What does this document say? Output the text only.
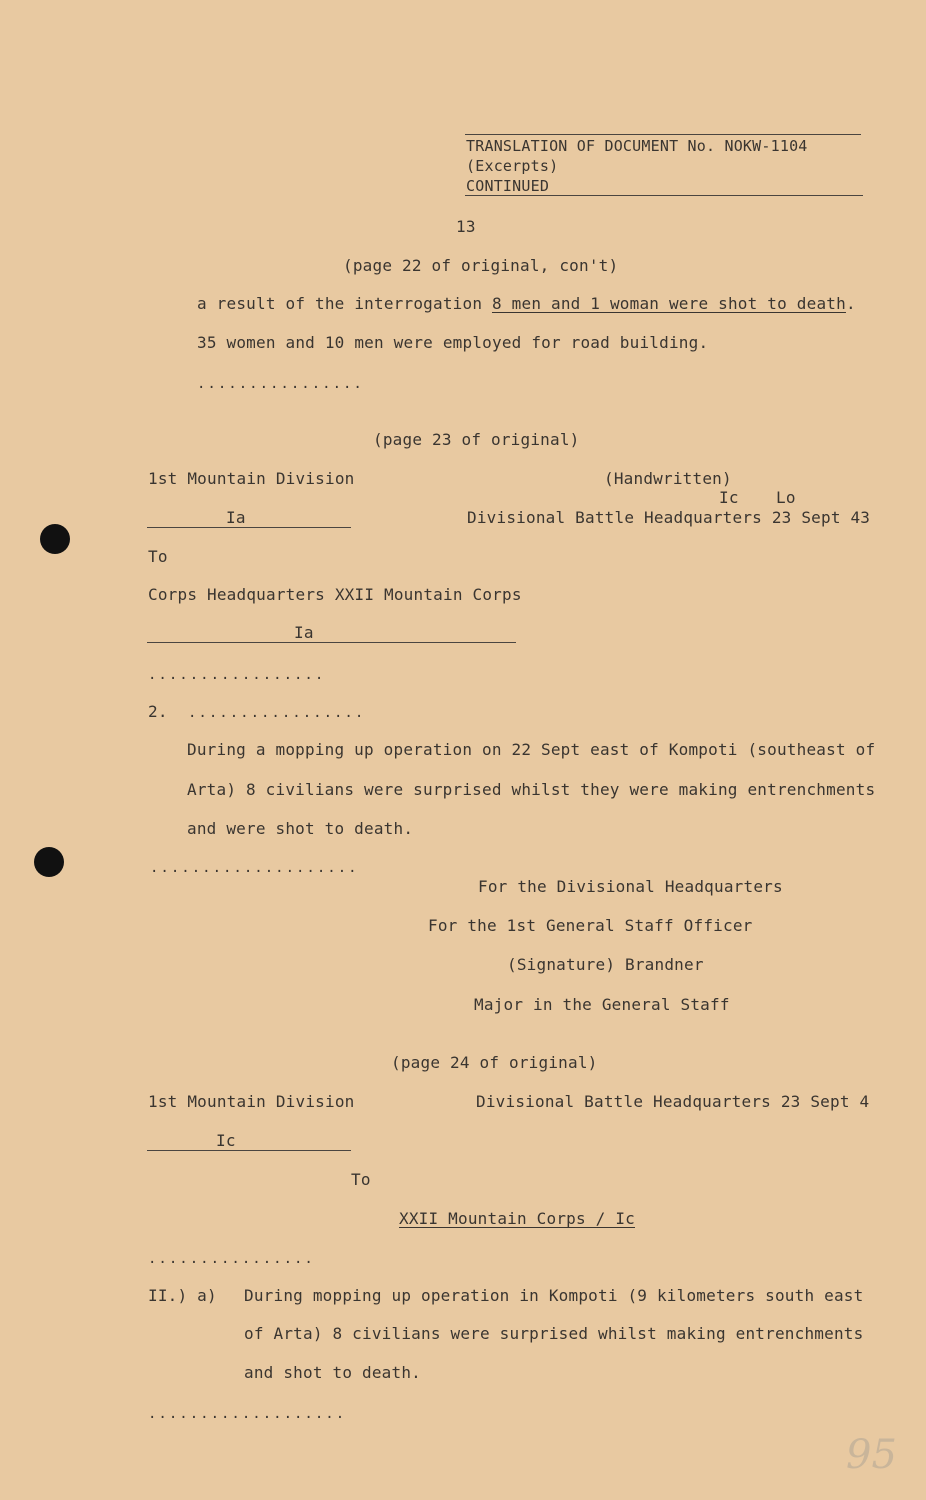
TRANSLATION OF DOCUMENT No. NOKW-1104
(Excerpts)
CONTINUED
13
(page 22 of original, con't)
a result of the interrogation 8 men and 1 woman were shot to death.
35 women and 10 men were employed for road building.
................
(page 23 of original)
1st Mountain Division	(Handwritten)
Ic Lo
Ia	Divisional Battle Headquarters 23 Sept 43
To
Corps Headquarters XXII Mountain Corps
Ia
.................
2. .................
During a mopping up operation on 22 Sept east of Kompoti (southeast of
Arta) 8 civilians were surprised whilst they were making entrenchments
and were shot to death.
....................
For the Divisional Headquarters
For the 1st General Staff Officer
(Signature) Brandner
Major in the General Staff
(page 24 of original)
1st Mountain Division	Divisional Battle Headquarters 23 Sept 4
Ic
To
XXII Mountain Corps / Ic
................
II.) a) During mopping up operation in Kompoti (9 kilometers south east
of Arta) 8 civilians were surprised whilst making entrenchments
and shot to death.
...................
95
